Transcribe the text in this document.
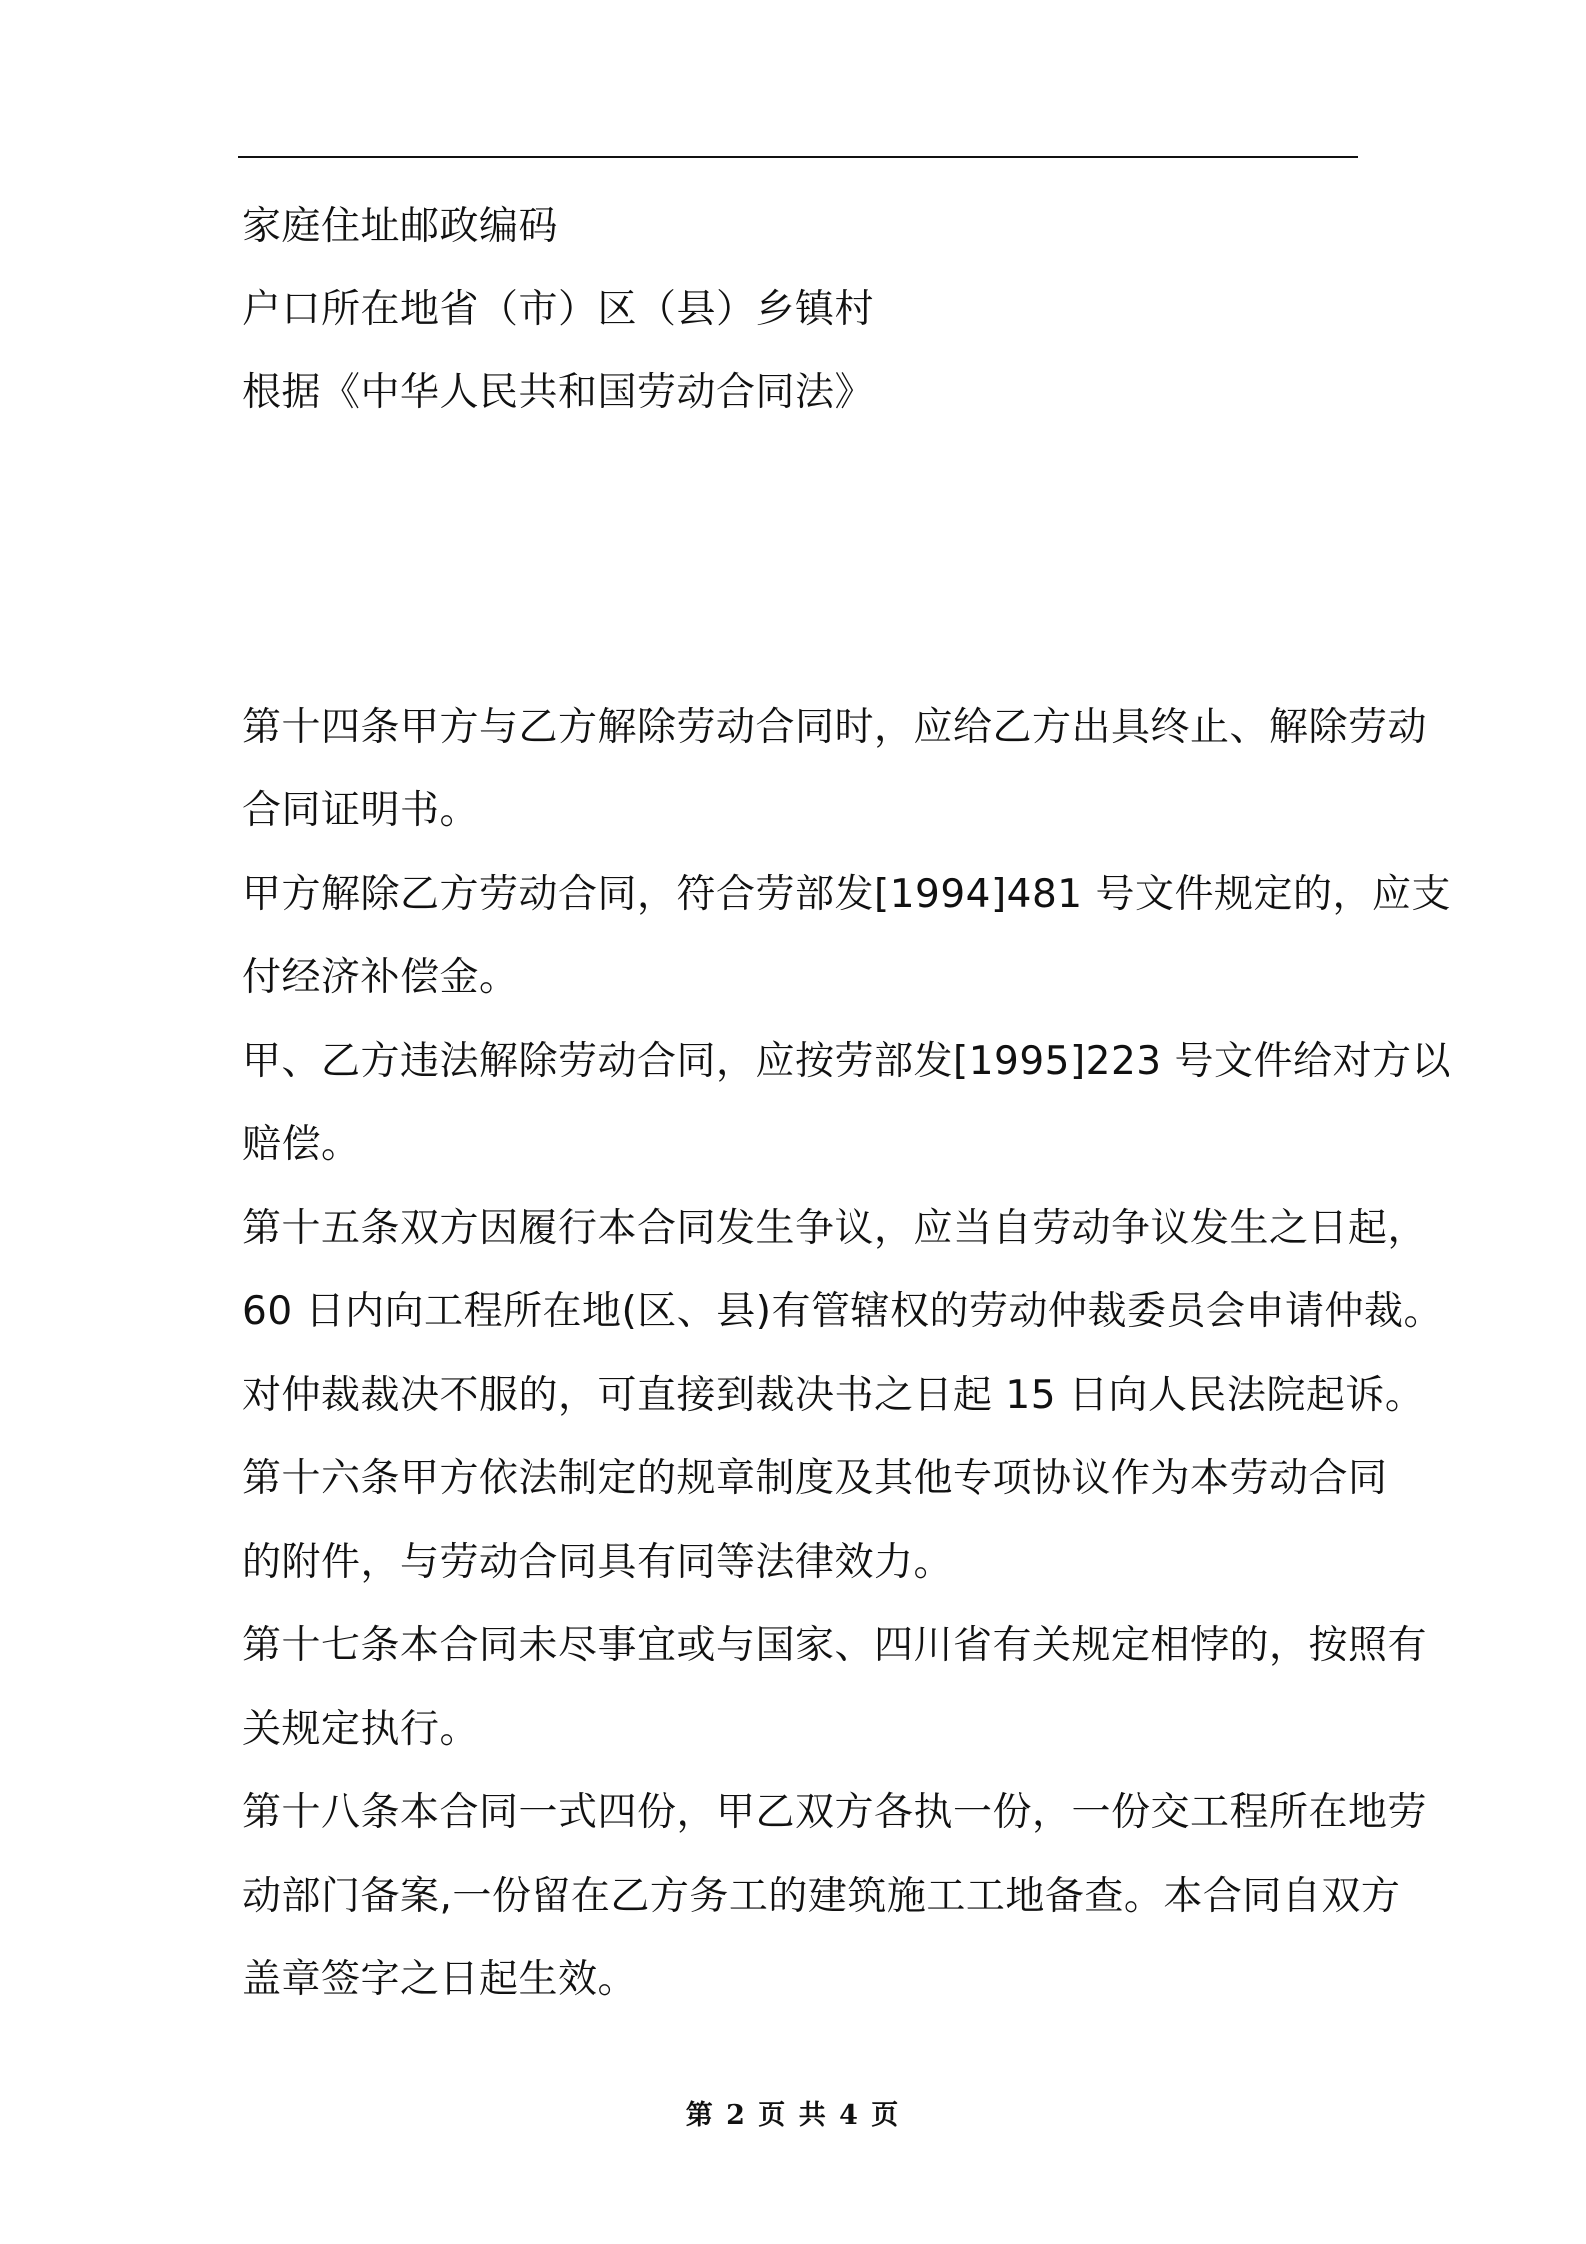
家庭住址邮政编码
户口所在地省（市）区（县）乡镇村
根据《中华人民共和国劳动合同法》
第十四条甲方与乙方解除劳动合同时，应给乙方出具终止、解除劳动
合同证明书。
甲方解除乙方劳动合同，符合劳部发[1994]481 号文件规定的，应支
付经济补偿金。
甲、乙方违法解除劳动合同，应按劳部发[1995]223 号文件给对方以
赔偿。
第十五条双方因履行本合同发生争议，应当自劳动争议发生之日起，
60 日内向工程所在地(区、县)有管辖权的劳动仲裁委员会申请仲裁。
对仲裁裁决不服的，可直接到裁决书之日起 15 日向人民法院起诉。
第十六条甲方依法制定的规章制度及其他专项协议作为本劳动合同
的附件，与劳动合同具有同等法律效力。
第十七条本合同未尽事宜或与国家、四川省有关规定相悖的，按照有
关规定执行。
第十八条本合同一式四份，甲乙双方各执一份，一份交工程所在地劳
动部门备案,一份留在乙方务工的建筑施工工地备查。本合同自双方
盖章签字之日起生效。
第 2 页 共 4 页
